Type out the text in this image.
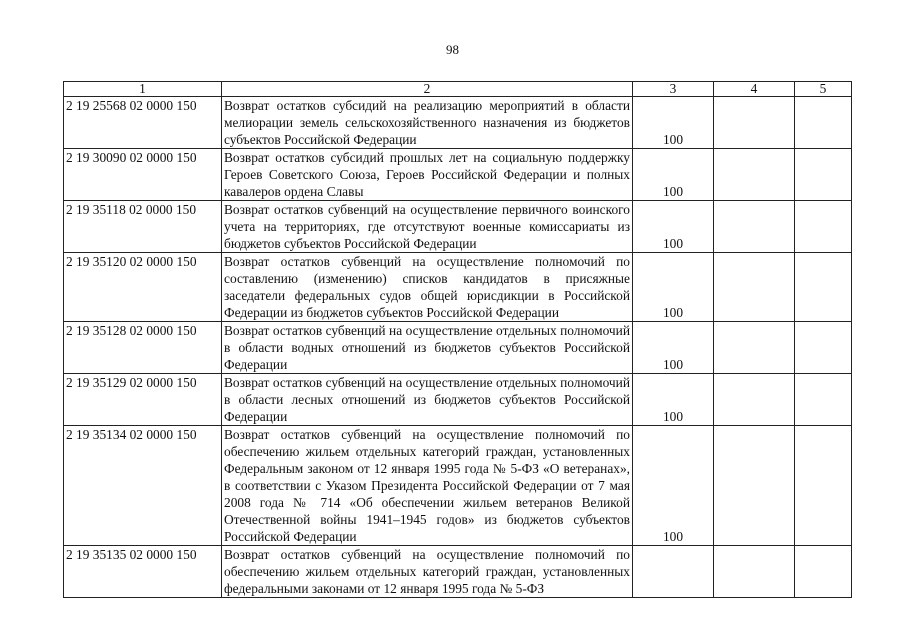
98
1	2	3	4	5
2 19 25568 02 0000 150	Возврат остатков субсидий на реализацию мероприятий в области мелиорации земель сельскохозяйственного назначения из бюджетов субъектов Российской Федерации	100		
2 19 30090 02 0000 150	Возврат остатков субсидий прошлых лет на социальную поддержку Героев Советского Союза, Героев Российской Федерации и полных кавалеров ордена Славы	100		
2 19 35118 02 0000 150	Возврат остатков субвенций на осуществление первичного воинского учета на территориях, где отсутствуют военные комиссариаты из бюджетов субъектов Российской Федерации	100		
2 19 35120 02 0000 150	Возврат остатков субвенций на осуществление полномочий по составлению (изменению) списков кандидатов в присяжные заседатели федеральных судов общей юрисдикции в Российской Федерации из бюджетов субъектов Российской Федерации	100		
2 19 35128 02 0000 150	Возврат остатков субвенций на осуществление отдельных полномочий в области водных отношений из бюджетов субъектов Российской Федерации	100		
2 19 35129 02 0000 150	Возврат остатков субвенций на осуществление отдельных полномочий в области лесных отношений из бюджетов субъектов Российской Федерации	100		
2 19 35134 02 0000 150	Возврат остатков субвенций на осуществление полномочий по обеспечению жильем отдельных категорий граждан, установленных Федеральным законом от 12 января 1995 года № 5-ФЗ «О ветеранах», в соответствии с Указом Президента Российской Федерации от 7 мая 2008 года № 714 «Об обеспечении жильем ветеранов Великой Отечественной войны 1941–1945 годов» из бюджетов субъектов Российской Федерации	100		
2 19 35135 02 0000 150	Возврат остатков субвенций на осуществление полномочий по обеспечению жильем отдельных категорий граждан, установленных федеральными законами от 12 января 1995 года № 5-ФЗ			
